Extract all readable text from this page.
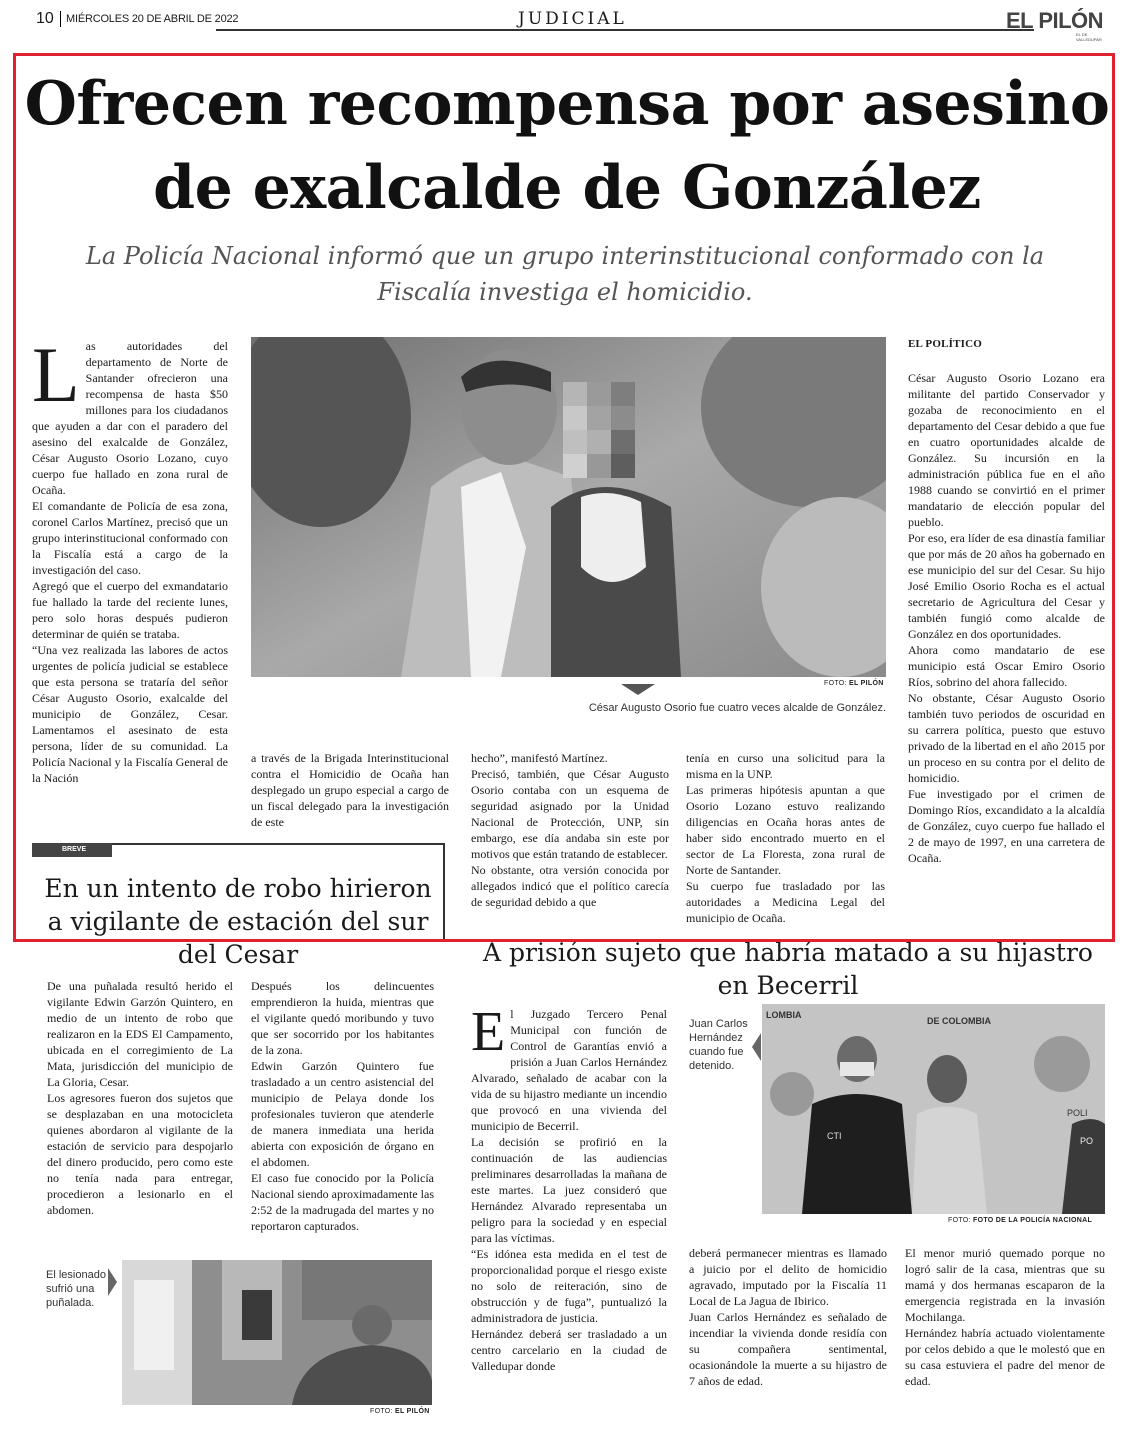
10 MIÉRCOLES 20 DE ABRIL DE 2022	JUDICIAL	EL PILÓN
EL DE VALLEDUPAR
Ofrecen recompensa por asesino
de exalcalde de González
La Policía Nacional informó que un grupo interinstitucional conformado con la
Fiscalía investiga el homicidio.
L as autoridades del departamento de Norte de Santander ofrecieron una recompensa de hasta $50 millones para los ciudadanos que ayuden a dar con el paradero del asesino del exalcalde de González, César Augusto Osorio Lozano, cuyo cuerpo fue hallado en zona rural de Ocaña.

El comandante de Policía de esa zona, coronel Carlos Martínez, precisó que un grupo interinstitucional conformado con la Fiscalía está a cargo de la investigación del caso.

Agregó que el cuerpo del exmandatario fue hallado la tarde del reciente lunes, pero solo horas después pudieron determinar de quién se trataba.

“Una vez realizada las labores de actos urgentes de policía judicial se establece que esta persona se trataría del señor César Augusto Osorio, exalcalde del municipio de González, Cesar. Lamentamos el asesinato de esta persona, líder de su comunidad. La Policía Nacional y la Fiscalía General de la Nación

FOTO: EL PILÓN
César Augusto Osorio fue cuatro veces alcalde de González.

a través de la Brigada Interinstitucional contra el Homicidio de Ocaña han desplegado un grupo especial a cargo de un fiscal delegado para la investigación de este

hecho”, manifestó Martínez.

Precisó, también, que César Augusto Osorio contaba con un esquema de seguridad asignado por la Unidad Nacional de Protección, UNP, sin embargo, ese día andaba sin este por motivos que están tratando de establecer.

No obstante, otra versión conocida por allegados indicó que el político carecía de seguridad debido a que

tenía en curso una solicitud para la misma en la UNP.

Las primeras hipótesis apuntan a que Osorio Lozano estuvo realizando diligencias en Ocaña horas antes de haber sido encontrado muerto en el sector de La Floresta, zona rural de Norte de Santander.

Su cuerpo fue trasladado por las autoridades a Medicina Legal del municipio de Ocaña.

EL POLÍTICO

César Augusto Osorio Lozano era militante del partido Conservador y gozaba de reconocimiento en el departamento del Cesar debido a que fue en cuatro oportunidades alcalde de González. Su incursión en la administración pública fue en el año 1988 cuando se convirtió en el primer mandatario de elección popular del pueblo.

Por eso, era líder de esa dinastía familiar que por más de 20 años ha gobernado en ese municipio del sur del Cesar. Su hijo José Emilio Osorio Rocha es el actual secretario de Agricultura del Cesar y también fungió como alcalde de González en dos oportunidades.

Ahora como mandatario de ese municipio está Oscar Emiro Osorio Ríos, sobrino del ahora fallecido.

No obstante, César Augusto Osorio también tuvo periodos de oscuridad en su carrera política, puesto que estuvo privado de la libertad en el año 2015 por un proceso en su contra por el delito de homicidio.

Fue investigado por el crimen de Domingo Ríos, excandidato a la alcaldía de González, cuyo cuerpo fue hallado el 2 de mayo de 1997, en una carretera de Ocaña.

BREVE
En un intento de robo hirieron
a vigilante de estación del sur
del Cesar

De una puñalada resultó herido el vigilante Edwin Garzón Quintero, en medio de un intento de robo que realizaron en la EDS El Campamento, ubicada en el corregimiento de La Mata, jurisdicción del municipio de La Gloria, Cesar.

Los agresores fueron dos sujetos que se desplazaban en una motocicleta quienes abordaron al vigilante de la estación de servicio para despojarlo del dinero producido, pero como este no tenía nada para entregar, procedieron a lesionarlo en el abdomen.

Después los delincuentes emprendieron la huida, mientras que el vigilante quedó moribundo y tuvo que ser socorrido por los habitantes de la zona.

Edwin Garzón Quintero fue trasladado a un centro asistencial del municipio de Pelaya donde los profesionales tuvieron que atenderle de manera inmediata una herida abierta con exposición de órgano en el abdomen.

El caso fue conocido por la Policía Nacional siendo aproximadamente las 2:52 de la madrugada del martes y no reportaron capturados.

El lesionado sufrió una puñalada.
FOTO: EL PILÓN
A prisión sujeto que habría matado a su hijastro
en Becerril
E l Juzgado Tercero Penal Municipal con función de Control de Garantías envió a prisión a Juan Carlos Hernández Alvarado, señalado de acabar con la vida de su hijastro mediante un incendio que provocó en una vivienda del municipio de Becerril.

La decisión se profirió en la continuación de las audiencias preliminares desarrolladas la mañana de este martes. La juez consideró que Hernández Alvarado representaba un peligro para la sociedad y en especial para las víctimas.

“Es idónea esta medida en el test de proporcionalidad porque el riesgo existe no solo de reiteración, sino de obstrucción y de fuga”, puntualizó la administradora de justicia.

Hernández deberá ser trasladado a un centro carcelario en la ciudad de Valledupar donde

Juan Carlos Hernández cuando fue detenido.
LOMBIA
DE COLOMBIA
CTI
POLI
PO
FOTO: FOTO DE LA POLICÍA NACIONAL

deberá permanecer mientras es llamado a juicio por el delito de homicidio agravado, imputado por la Fiscalía 11 Local de La Jagua de Ibirico.

Juan Carlos Hernández es señalado de incendiar la vivienda donde residía con su compañera sentimental, ocasionándole la muerte a su hijastro de 7 años de edad.

El menor murió quemado porque no logró salir de la casa, mientras que su mamá y dos hermanas escaparon de la emergencia registrada en la invasión Mochilanga.

Hernández habría actuado violentamente por celos debido a que le molestó que en su casa estuviera el padre del menor de edad.
